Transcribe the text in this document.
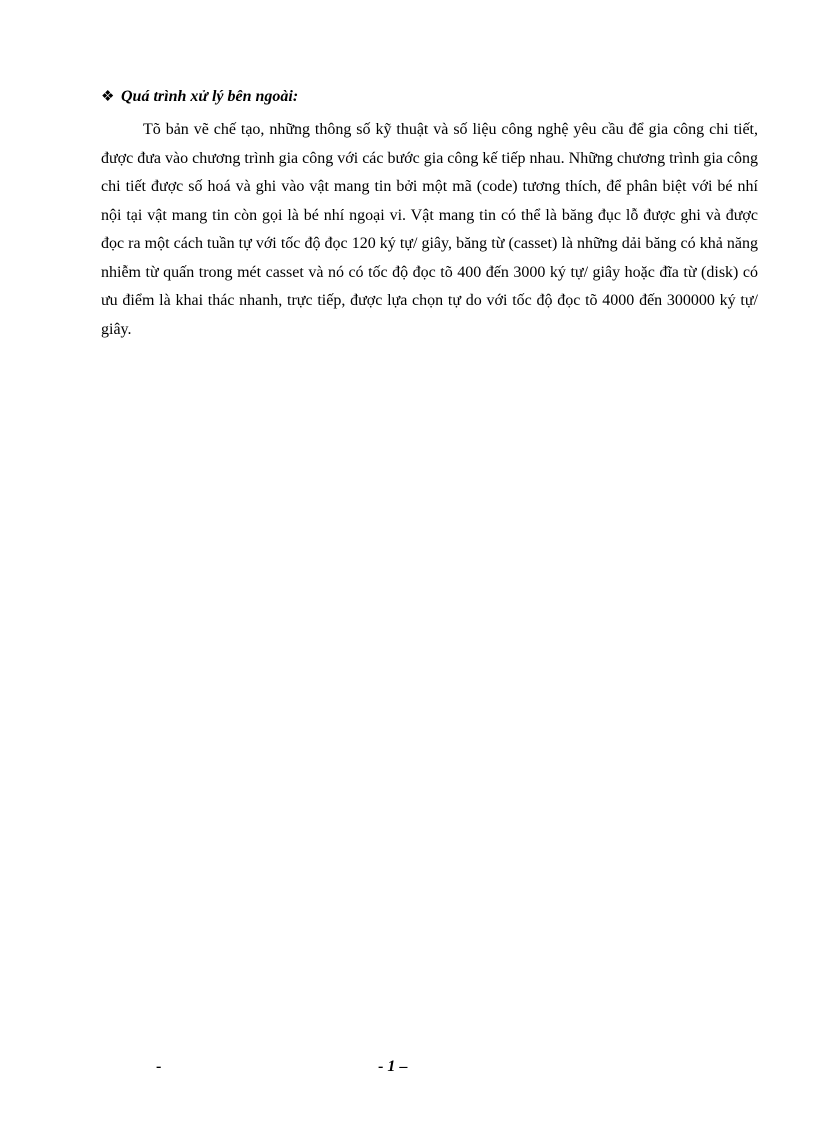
❖ Quá trình xử lý bên ngoài:

Tõ bản vẽ chế tạo, những thông số kỹ thuật và số liệu công nghệ yêu cầu để gia công chi tiết, được đưa vào chương trình gia công với các bước gia công kế tiếp nhau. Những chương trình gia công chi tiết được số hoá và ghi vào vật mang tin bởi một mã (code) tương thích, để phân biệt với bé nhí nội tại vật mang tin còn gọi là bé nhí ngoại vi. Vật mang tin có thể là băng đục lỗ được ghi và được đọc ra một cách tuần tự với tốc độ đọc 120 ký tự/ giây, băng từ (casset) là những dải băng có khả năng nhiễm từ quấn trong mét casset và nó có tốc độ đọc tõ 400 đến 3000 ký tự/ giây hoặc đĩa từ (disk) có ưu điểm là khai thác nhanh, trực tiếp, được lựa chọn tự do với tốc độ đọc tõ 4000 đến 300000 ký tự/ giây.

-	- 1 –
